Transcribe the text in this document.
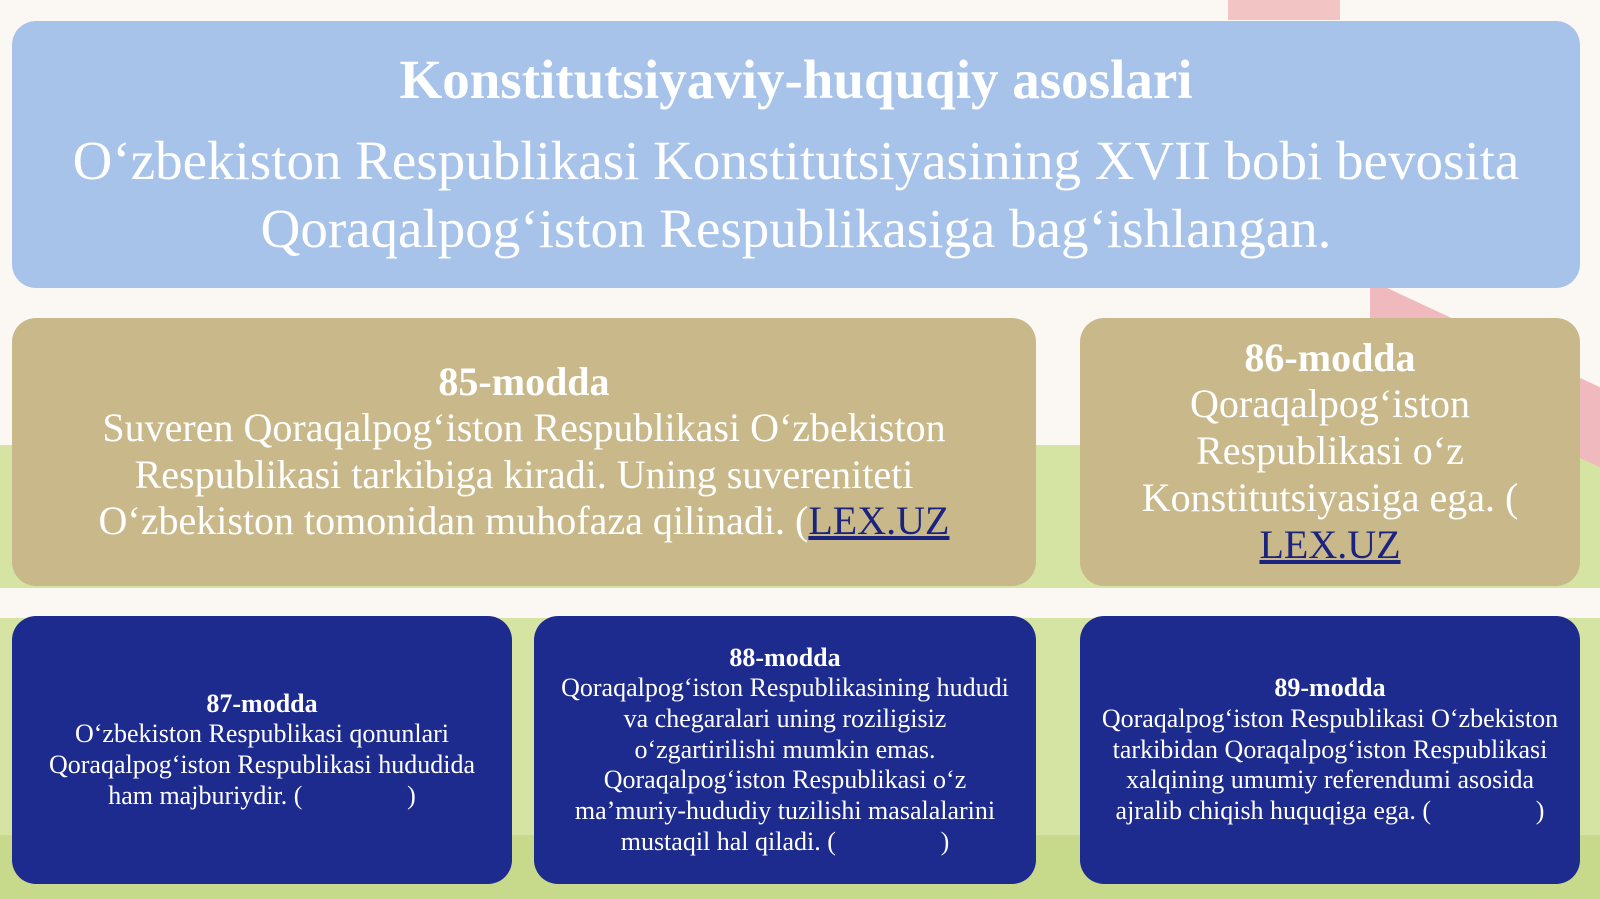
Konstitutsiyaviy-huquqiy asoslari
O‘zbekiston Respublikasi Konstitutsiyasining XVII bobi bevosita Qoraqalpog‘iston Respublikasiga bag‘ishlangan.
85-modda
Suveren Qoraqalpog‘iston Respublikasi O‘zbekiston Respublikasi tarkibiga kiradi. Uning suvereniteti O‘zbekiston tomonidan muhofaza qilinadi. (LEX.UZ
86-modda
Qoraqalpog‘iston Respublikasi o‘z Konstitutsiyasiga ega. (
LEX.UZ
87-modda
O‘zbekiston Respublikasi qonunlari Qoraqalpog‘iston Respublikasi hududida ham majburiydir. (LEX.UZ..)
88-modda
Qoraqalpog‘iston Respublikasining hududi va chegaralari uning roziligisiz o‘zgartirilishi mumkin emas. Qoraqalpog‘iston Respublikasi o‘z ma’muriy-hududiy tuzilishi masalalarini mustaqil hal qiladi. (LEX.UZ..)
89-modda
Qoraqalpog‘iston Respublikasi O‘zbekiston tarkibidan Qoraqalpog‘iston Respublikasi xalqining umumiy referendumi asosida ajralib chiqish huquqiga ega. (LEX.UZ..)
